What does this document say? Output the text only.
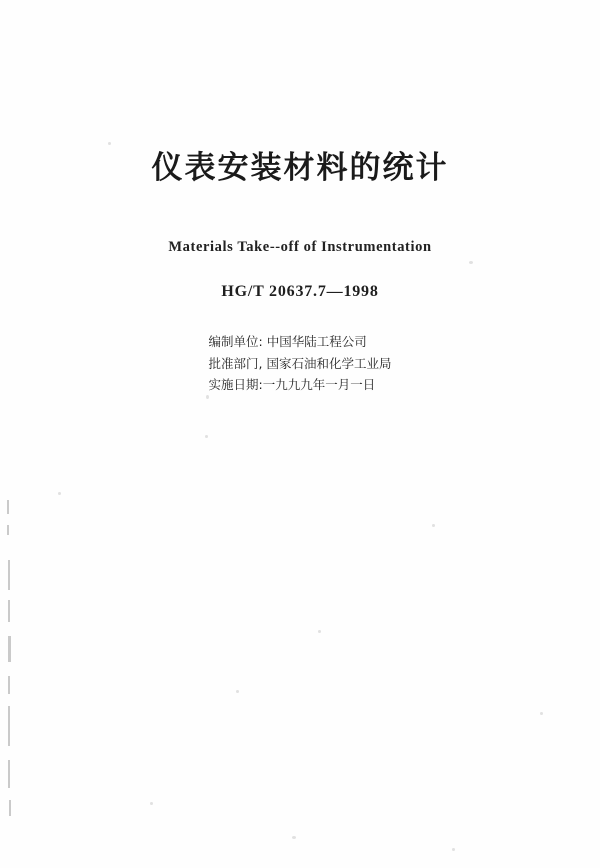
仪表安装材料的统计

Materials Take--off of Instrumentation

HG/T 20637.7—1998

编制单位: 中国华陆工程公司
批准部门, 国家石油和化学工业局
实施日期:一九九九年一月一日
